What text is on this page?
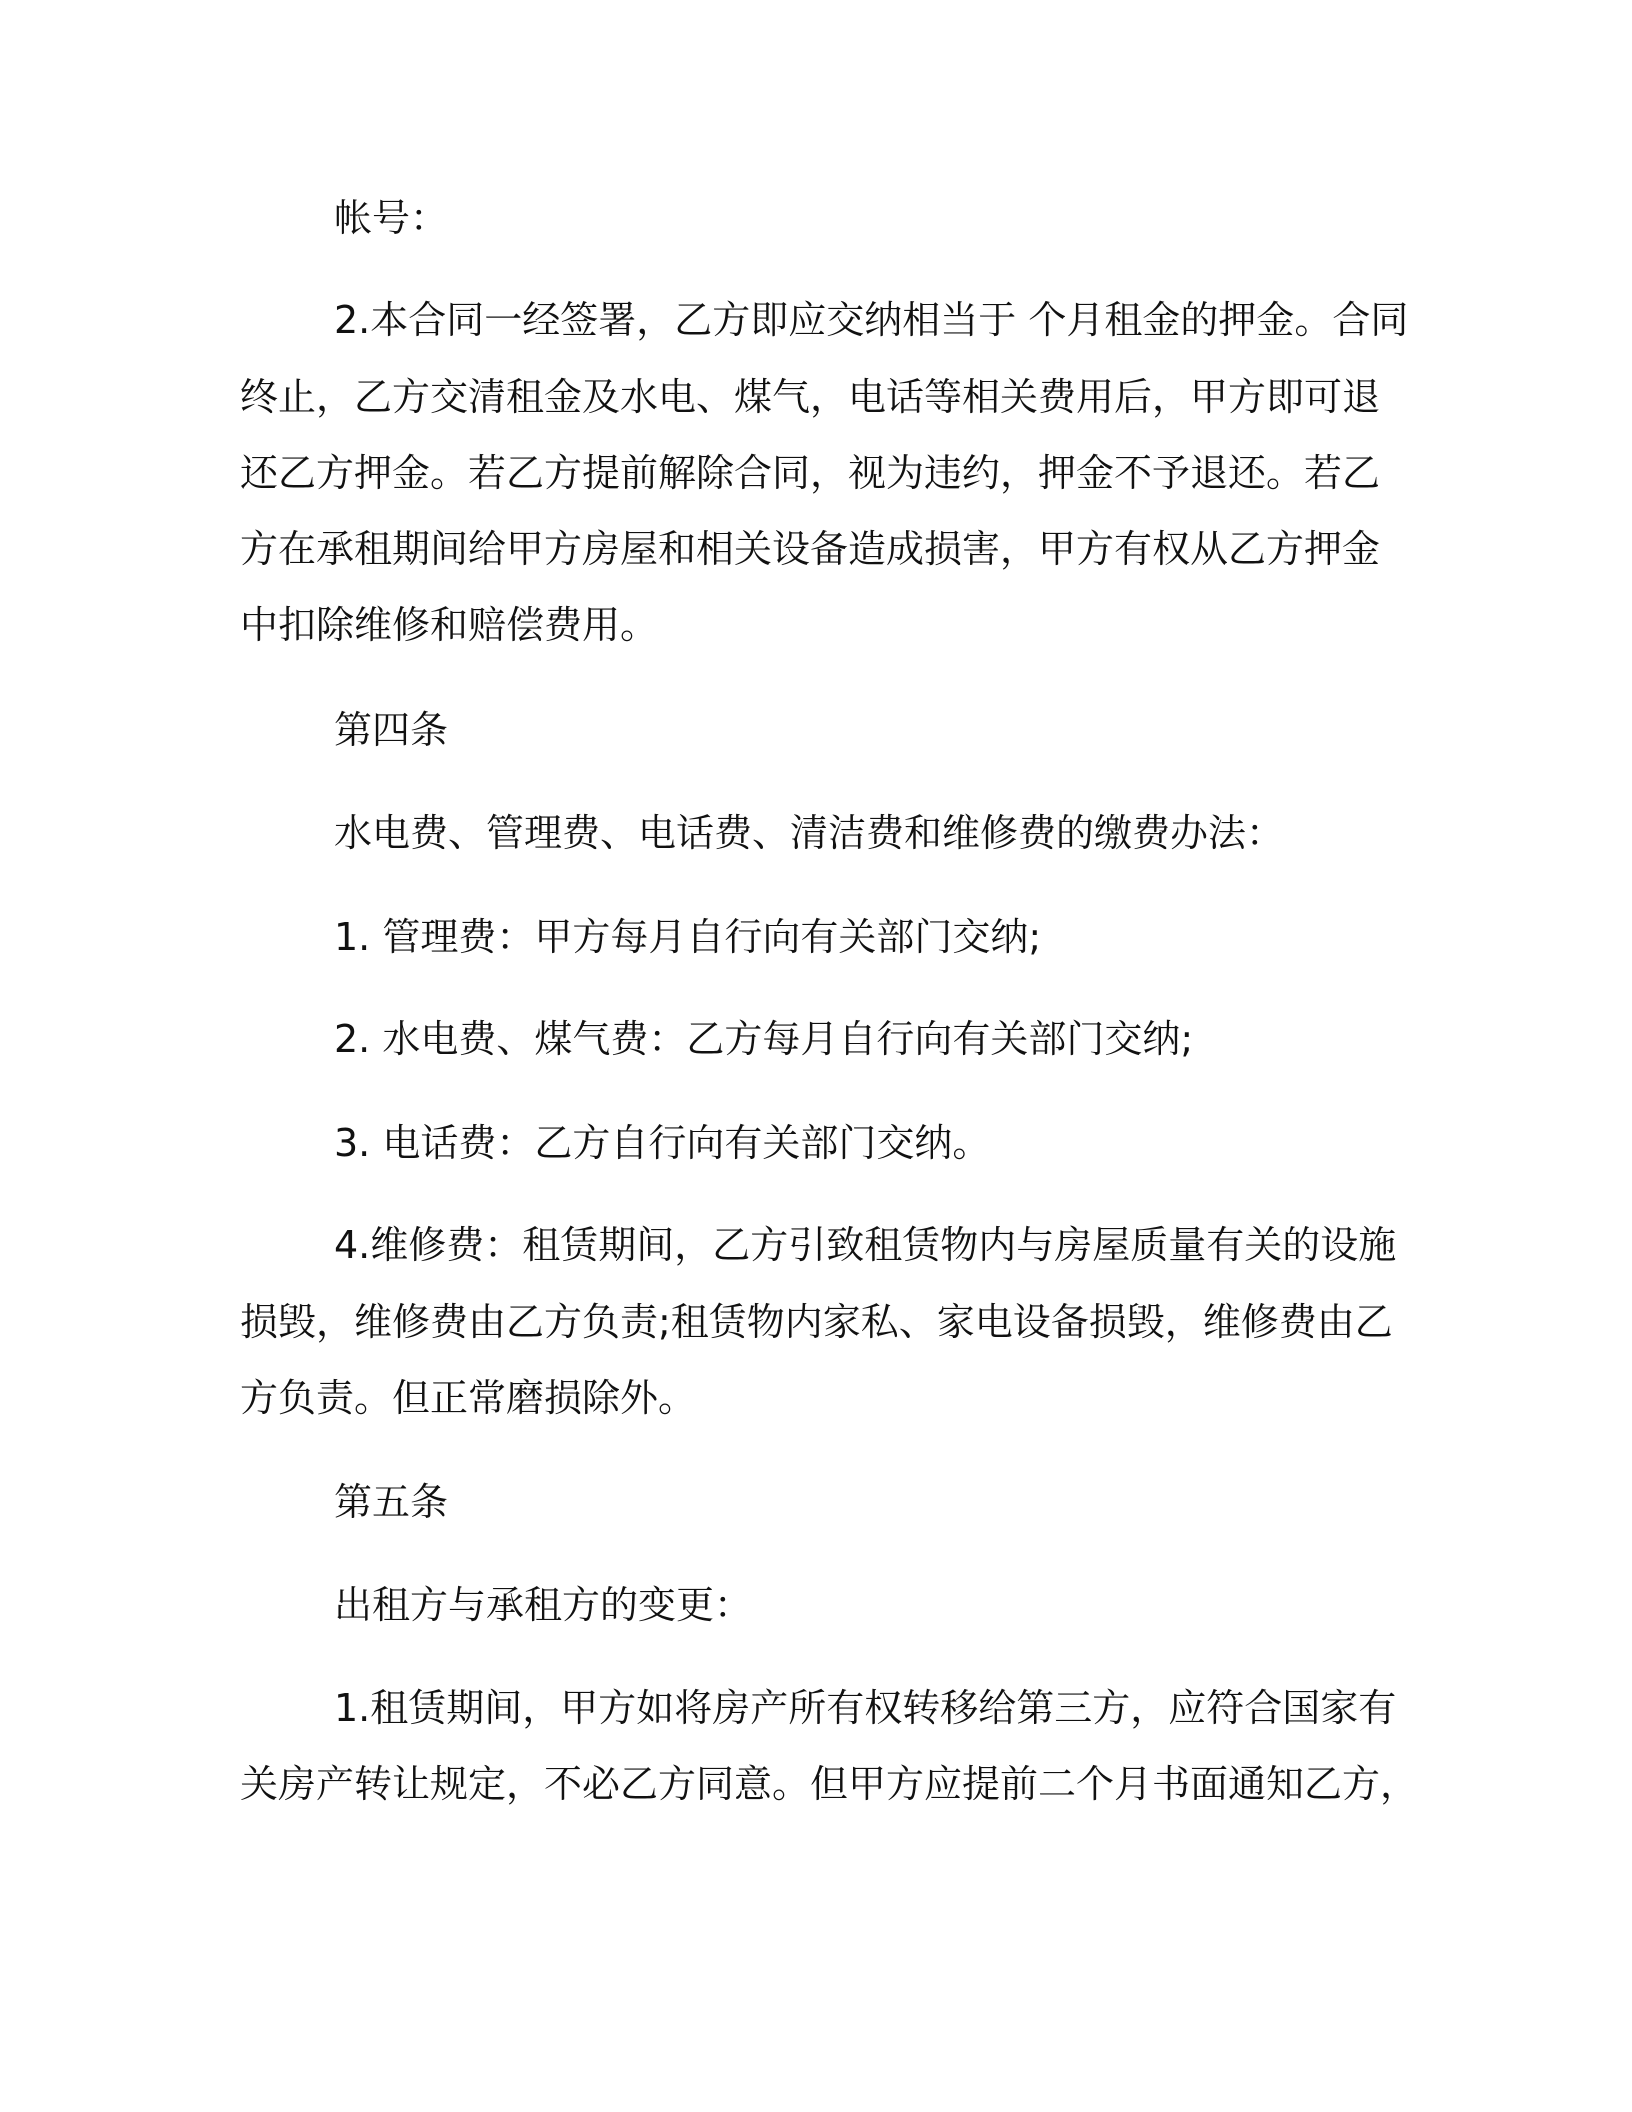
帐号：
2.本合同一经签署，乙方即应交纳相当于 个月租金的押金。合同
终止，乙方交清租金及水电、煤气，电话等相关费用后，甲方即可退
还乙方押金。若乙方提前解除合同，视为违约，押金不予退还。若乙
方在承租期间给甲方房屋和相关设备造成损害，甲方有权从乙方押金
中扣除维修和赔偿费用。
第四条
水电费、管理费、电话费、清洁费和维修费的缴费办法：
1. 管理费：甲方每月自行向有关部门交纳;
2. 水电费、煤气费：乙方每月自行向有关部门交纳;
3. 电话费：乙方自行向有关部门交纳。
4.维修费：租赁期间，乙方引致租赁物内与房屋质量有关的设施
损毁，维修费由乙方负责;租赁物内家私、家电设备损毁，维修费由乙
方负责。但正常磨损除外。
第五条
出租方与承租方的变更：
1.租赁期间，甲方如将房产所有权转移给第三方，应符合国家有
关房产转让规定，不必乙方同意。但甲方应提前二个月书面通知乙方，
